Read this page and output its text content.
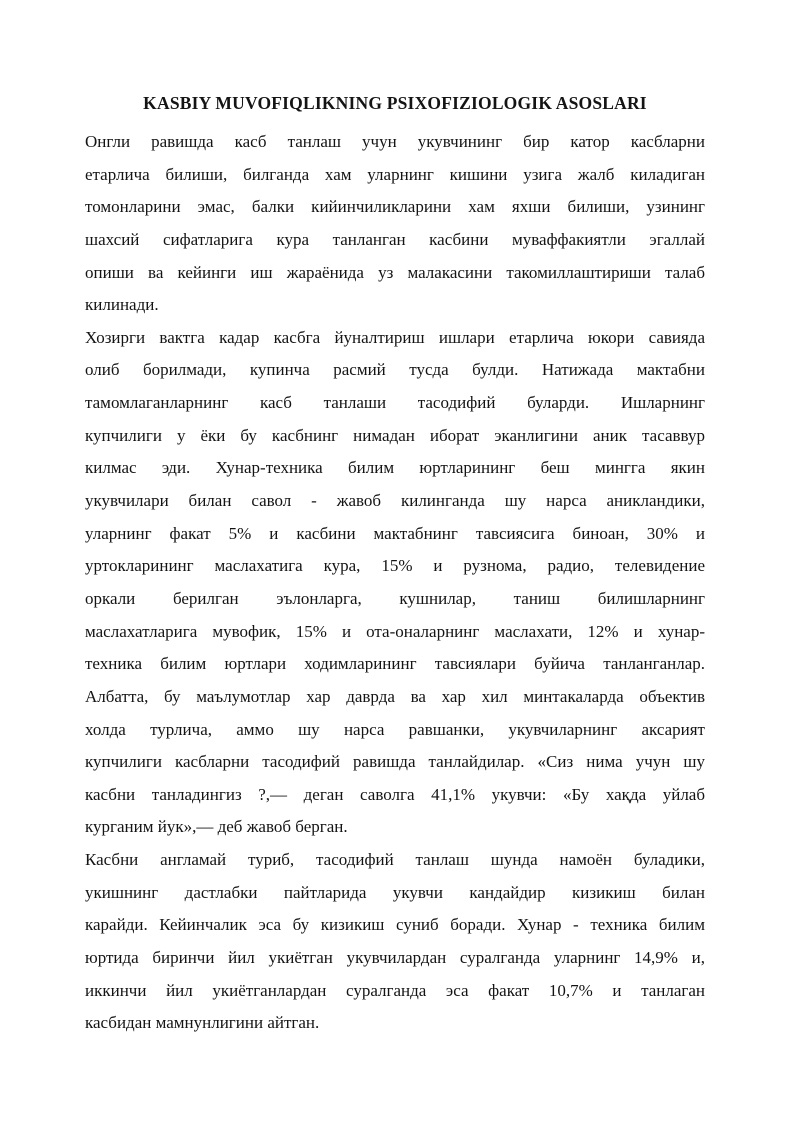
KASBIY MUVOFIQLIKNING PSIXOFIZIOLOGIK ASOSLARI
Онгли равишда касб танлаш учун укувчининг бир катор касбларни
етарлича билиши, билганда хам уларнинг кишини узига жалб киладиган
томонларини эмас, балки кийинчиликларини хам яхши билиши, узининг
шахсий сифатларига кура танланган касбини муваффакиятли эгаллай
опиши ва кейинги иш жараёнида уз малакасини такомиллаштириши талаб
килинади.
Хозирги вактга кадар касбга йуналтириш ишлари етарлича юкори савияда
олиб борилмади, купинча расмий тусда булди. Натижада мактабни
тамомлаганларнинг касб танлаши тасодифий буларди. Ишларнинг
купчилиги у ёки бу касбнинг нимадан иборат эканлигини аник тасаввур
килмас эди. Хунар-техника билим юртларининг беш мингга якин
укувчилари билан савол - жавоб килинганда шу нарса аникландики,
уларнинг факат 5% и касбини мактабнинг тавсиясига биноан, 30% и
уртокларининг маслахатига кура, 15% и рузнома, радио, телевидение
оркали берилган эълонларга, кушнилар, таниш билишларнинг
маслахатларига мувофик, 15% и ота-оналарнинг маслахати, 12% и хунар-
техника билим юртлари ходимларининг тавсиялари буйича танланганлар.
Албатта, бу маълумотлар хар даврда ва хар хил минтакаларда объектив
холда турлича, аммо шу нарса равшанки, укувчиларнинг аксарият
купчилиги касбларни тасодифий равишда танлайдилар. «Сиз нима учун шу
касбни танладингиз ?,— деган саволга 41,1% укувчи: «Бу хақда уйлаб
курганим йук»,— деб жавоб берган.
Касбни англамай туриб, тасодифий танлаш шунда намоён буладики,
укишнинг дастлабки пайтларида укувчи кандайдир кизикиш билан
карайди. Кейинчалик эса бу кизикиш суниб боради. Хунар - техника билим
юртида биринчи йил укиётган укувчилардан суралганда уларнинг 14,9% и,
иккинчи йил укиётганлардан суралганда эса факат 10,7% и танлаган
касбидан мамнунлигини айтган.
